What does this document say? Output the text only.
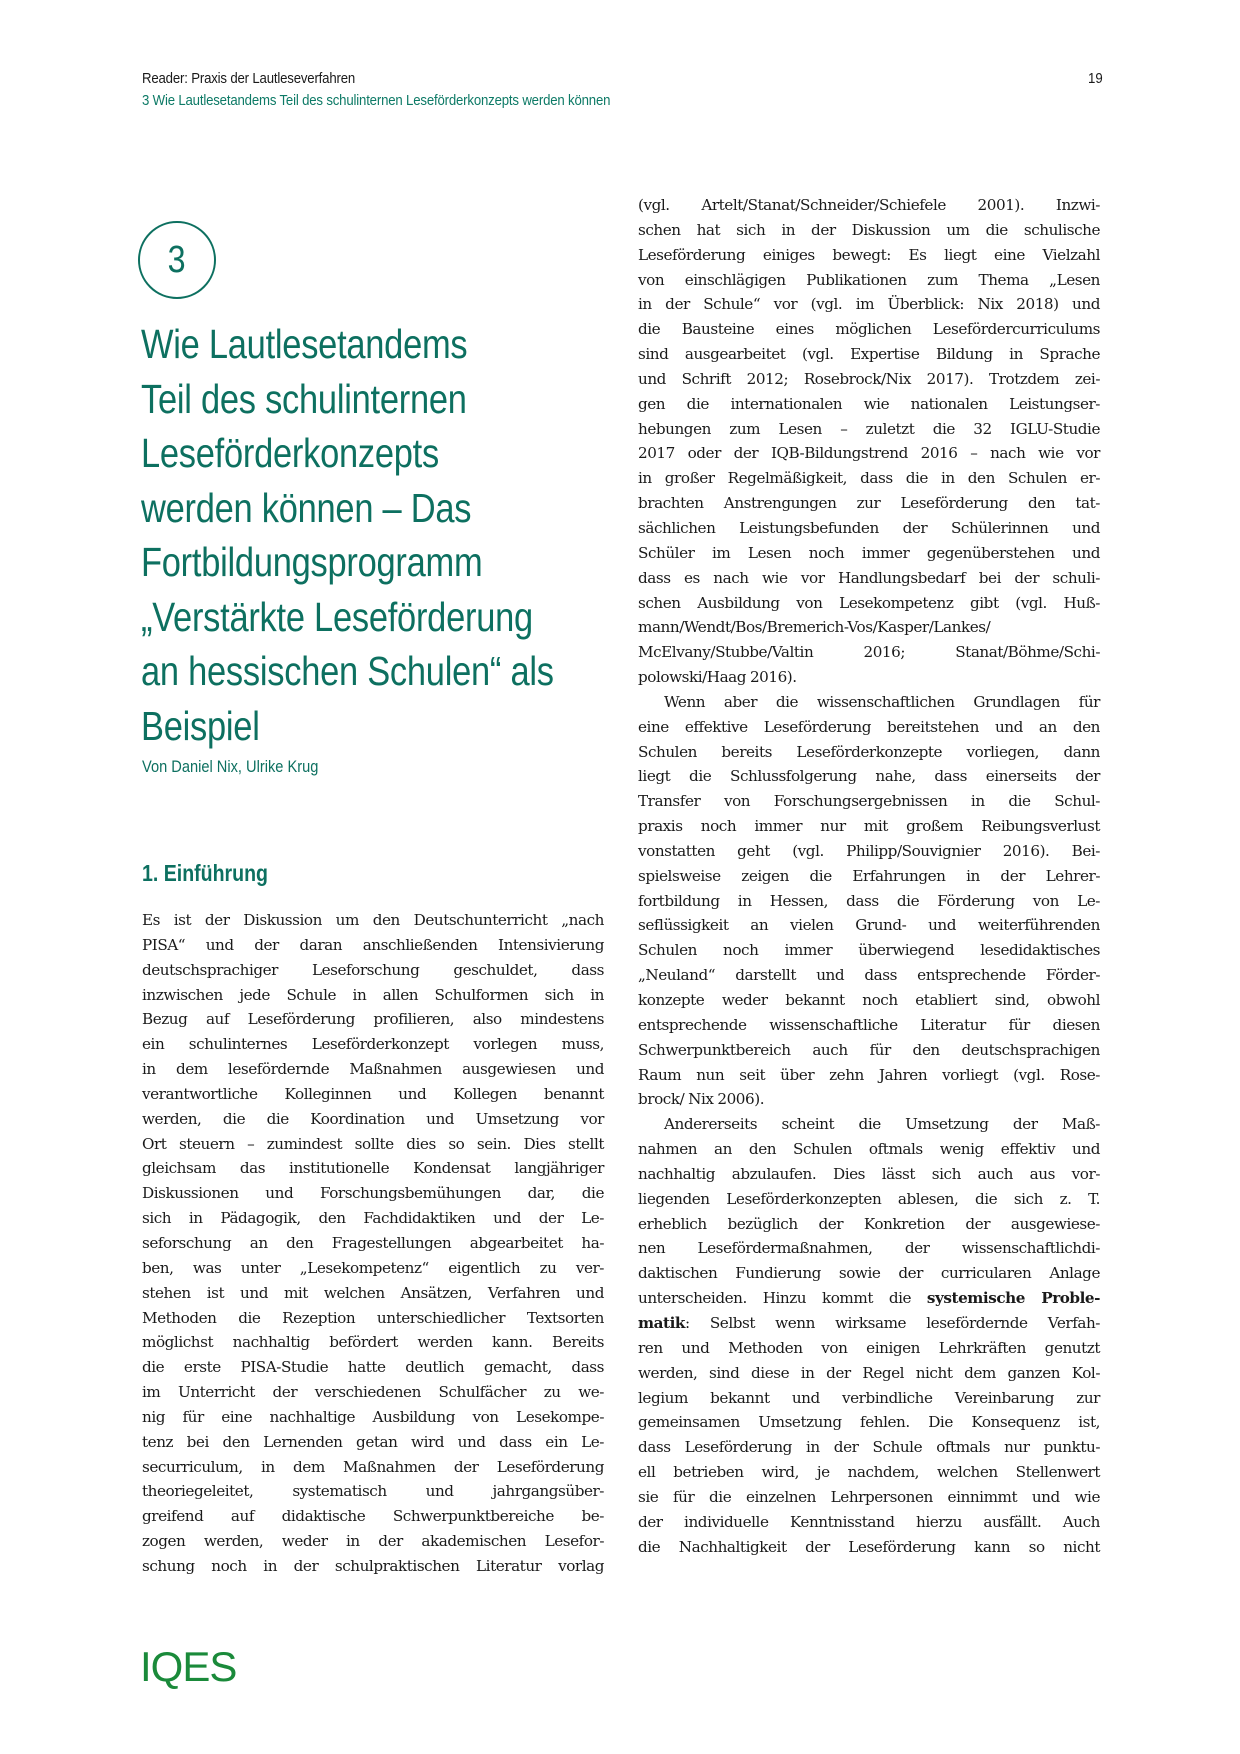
Reader: Praxis der Lautleseverfahren
3 Wie Lautlesetandems Teil des schulinternen Leseförderkonzepts werden können
19
3
Wie Lautlesetandems
Teil des schulinternen
Leseförderkonzepts
werden können – Das
Fortbildungsprogramm
„Verstärkte Leseförderung
an hessischen Schulen“ als
Beispiel
Von Daniel Nix, Ulrike Krug
1. Einführung
Es ist der Diskussion um den Deutschunterricht „nach
PISA“ und der daran anschließenden Intensivierung
deutschsprachiger Leseforschung geschuldet, dass
inzwischen jede Schule in allen Schulformen sich in
Bezug auf Leseförderung profilieren, also mindestens
ein schulinternes Leseförderkonzept vorlegen muss,
in dem lesefördernde Maßnahmen ausgewiesen und
verantwortliche Kolleginnen und Kollegen benannt
werden, die die Koordination und Umsetzung vor
Ort steuern – zumindest sollte dies so sein. Dies stellt
gleichsam das institutionelle Kondensat langjähriger
Diskussionen und Forschungsbemühungen dar, die
sich in Pädagogik, den Fachdidaktiken und der Le-
seforschung an den Fragestellungen abgearbeitet ha-
ben, was unter „Lesekompetenz“ eigentlich zu ver-
stehen ist und mit welchen Ansätzen, Verfahren und
Methoden die Rezeption unterschiedlicher Textsorten
möglichst nachhaltig befördert werden kann. Bereits
die erste PISA-Studie hatte deutlich gemacht, dass
im Unterricht der verschiedenen Schulfächer zu we-
nig für eine nachhaltige Ausbildung von Lesekompe-
tenz bei den Lernenden getan wird und dass ein Le-
securriculum, in dem Maßnahmen der Leseförderung
theoriegeleitet, systematisch und jahrgangsüber-
greifend auf didaktische Schwerpunktbereiche be-
zogen werden, weder in der akademischen Lesefor-
schung noch in der schulpraktischen Literatur vorlag
(vgl. Artelt/Stanat/Schneider/Schiefele 2001). Inzwi-
schen hat sich in der Diskussion um die schulische
Leseförderung einiges bewegt: Es liegt eine Vielzahl
von einschlägigen Publikationen zum Thema „Lesen
in der Schule“ vor (vgl. im Überblick: Nix 2018) und
die Bausteine eines möglichen Lesefördercurriculums
sind ausgearbeitet (vgl. Expertise Bildung in Sprache
und Schrift 2012; Rosebrock/Nix 2017). Trotzdem zei-
gen die internationalen wie nationalen Leistungser-
hebungen zum Lesen – zuletzt die 32 IGLU-Studie
2017 oder der IQB-Bildungstrend 2016 – nach wie vor
in großer Regelmäßigkeit, dass die in den Schulen er-
brachten Anstrengungen zur Leseförderung den tat-
sächlichen Leistungsbefunden der Schülerinnen und
Schüler im Lesen noch immer gegenüberstehen und
dass es nach wie vor Handlungsbedarf bei der schuli-
schen Ausbildung von Lesekompetenz gibt (vgl. Huß-
mann/Wendt/Bos/Bremerich-Vos/Kasper/Lankes/
McElvany/Stubbe/Valtin 2016; Stanat/Böhme/Schi-
polowski/Haag 2016).
Wenn aber die wissenschaftlichen Grundlagen für
eine effektive Leseförderung bereitstehen und an den
Schulen bereits Leseförderkonzepte vorliegen, dann
liegt die Schlussfolgerung nahe, dass einerseits der
Transfer von Forschungsergebnissen in die Schul-
praxis noch immer nur mit großem Reibungsverlust
vonstatten geht (vgl. Philipp/Souvignier 2016). Bei-
spielsweise zeigen die Erfahrungen in der Lehrer-
fortbildung in Hessen, dass die Förderung von Le-
seflüssigkeit an vielen Grund- und weiterführenden
Schulen noch immer überwiegend lesedidaktisches
„Neuland“ darstellt und dass entsprechende Förder-
konzepte weder bekannt noch etabliert sind, obwohl
entsprechende wissenschaftliche Literatur für diesen
Schwerpunktbereich auch für den deutschsprachigen
Raum nun seit über zehn Jahren vorliegt (vgl. Rose-
brock/ Nix 2006).
Andererseits scheint die Umsetzung der Maß-
nahmen an den Schulen oftmals wenig effektiv und
nachhaltig abzulaufen. Dies lässt sich auch aus vor-
liegenden Leseförderkonzepten ablesen, die sich z. T.
erheblich bezüglich der Konkretion der ausgewiese-
nen Lesefördermaßnahmen, der wissenschaftlichdi-
daktischen Fundierung sowie der curricularen Anlage
unterscheiden. Hinzu kommt die systemische Proble-
matik: Selbst wenn wirksame lesefördernde Verfah-
ren und Methoden von einigen Lehrkräften genutzt
werden, sind diese in der Regel nicht dem ganzen Kol-
legium bekannt und verbindliche Vereinbarung zur
gemeinsamen Umsetzung fehlen. Die Konsequenz ist,
dass Leseförderung in der Schule oftmals nur punktu-
ell betrieben wird, je nachdem, welchen Stellenwert
sie für die einzelnen Lehrpersonen einnimmt und wie
der individuelle Kenntnisstand hierzu ausfällt. Auch
die Nachhaltigkeit der Leseförderung kann so nicht
IQES
